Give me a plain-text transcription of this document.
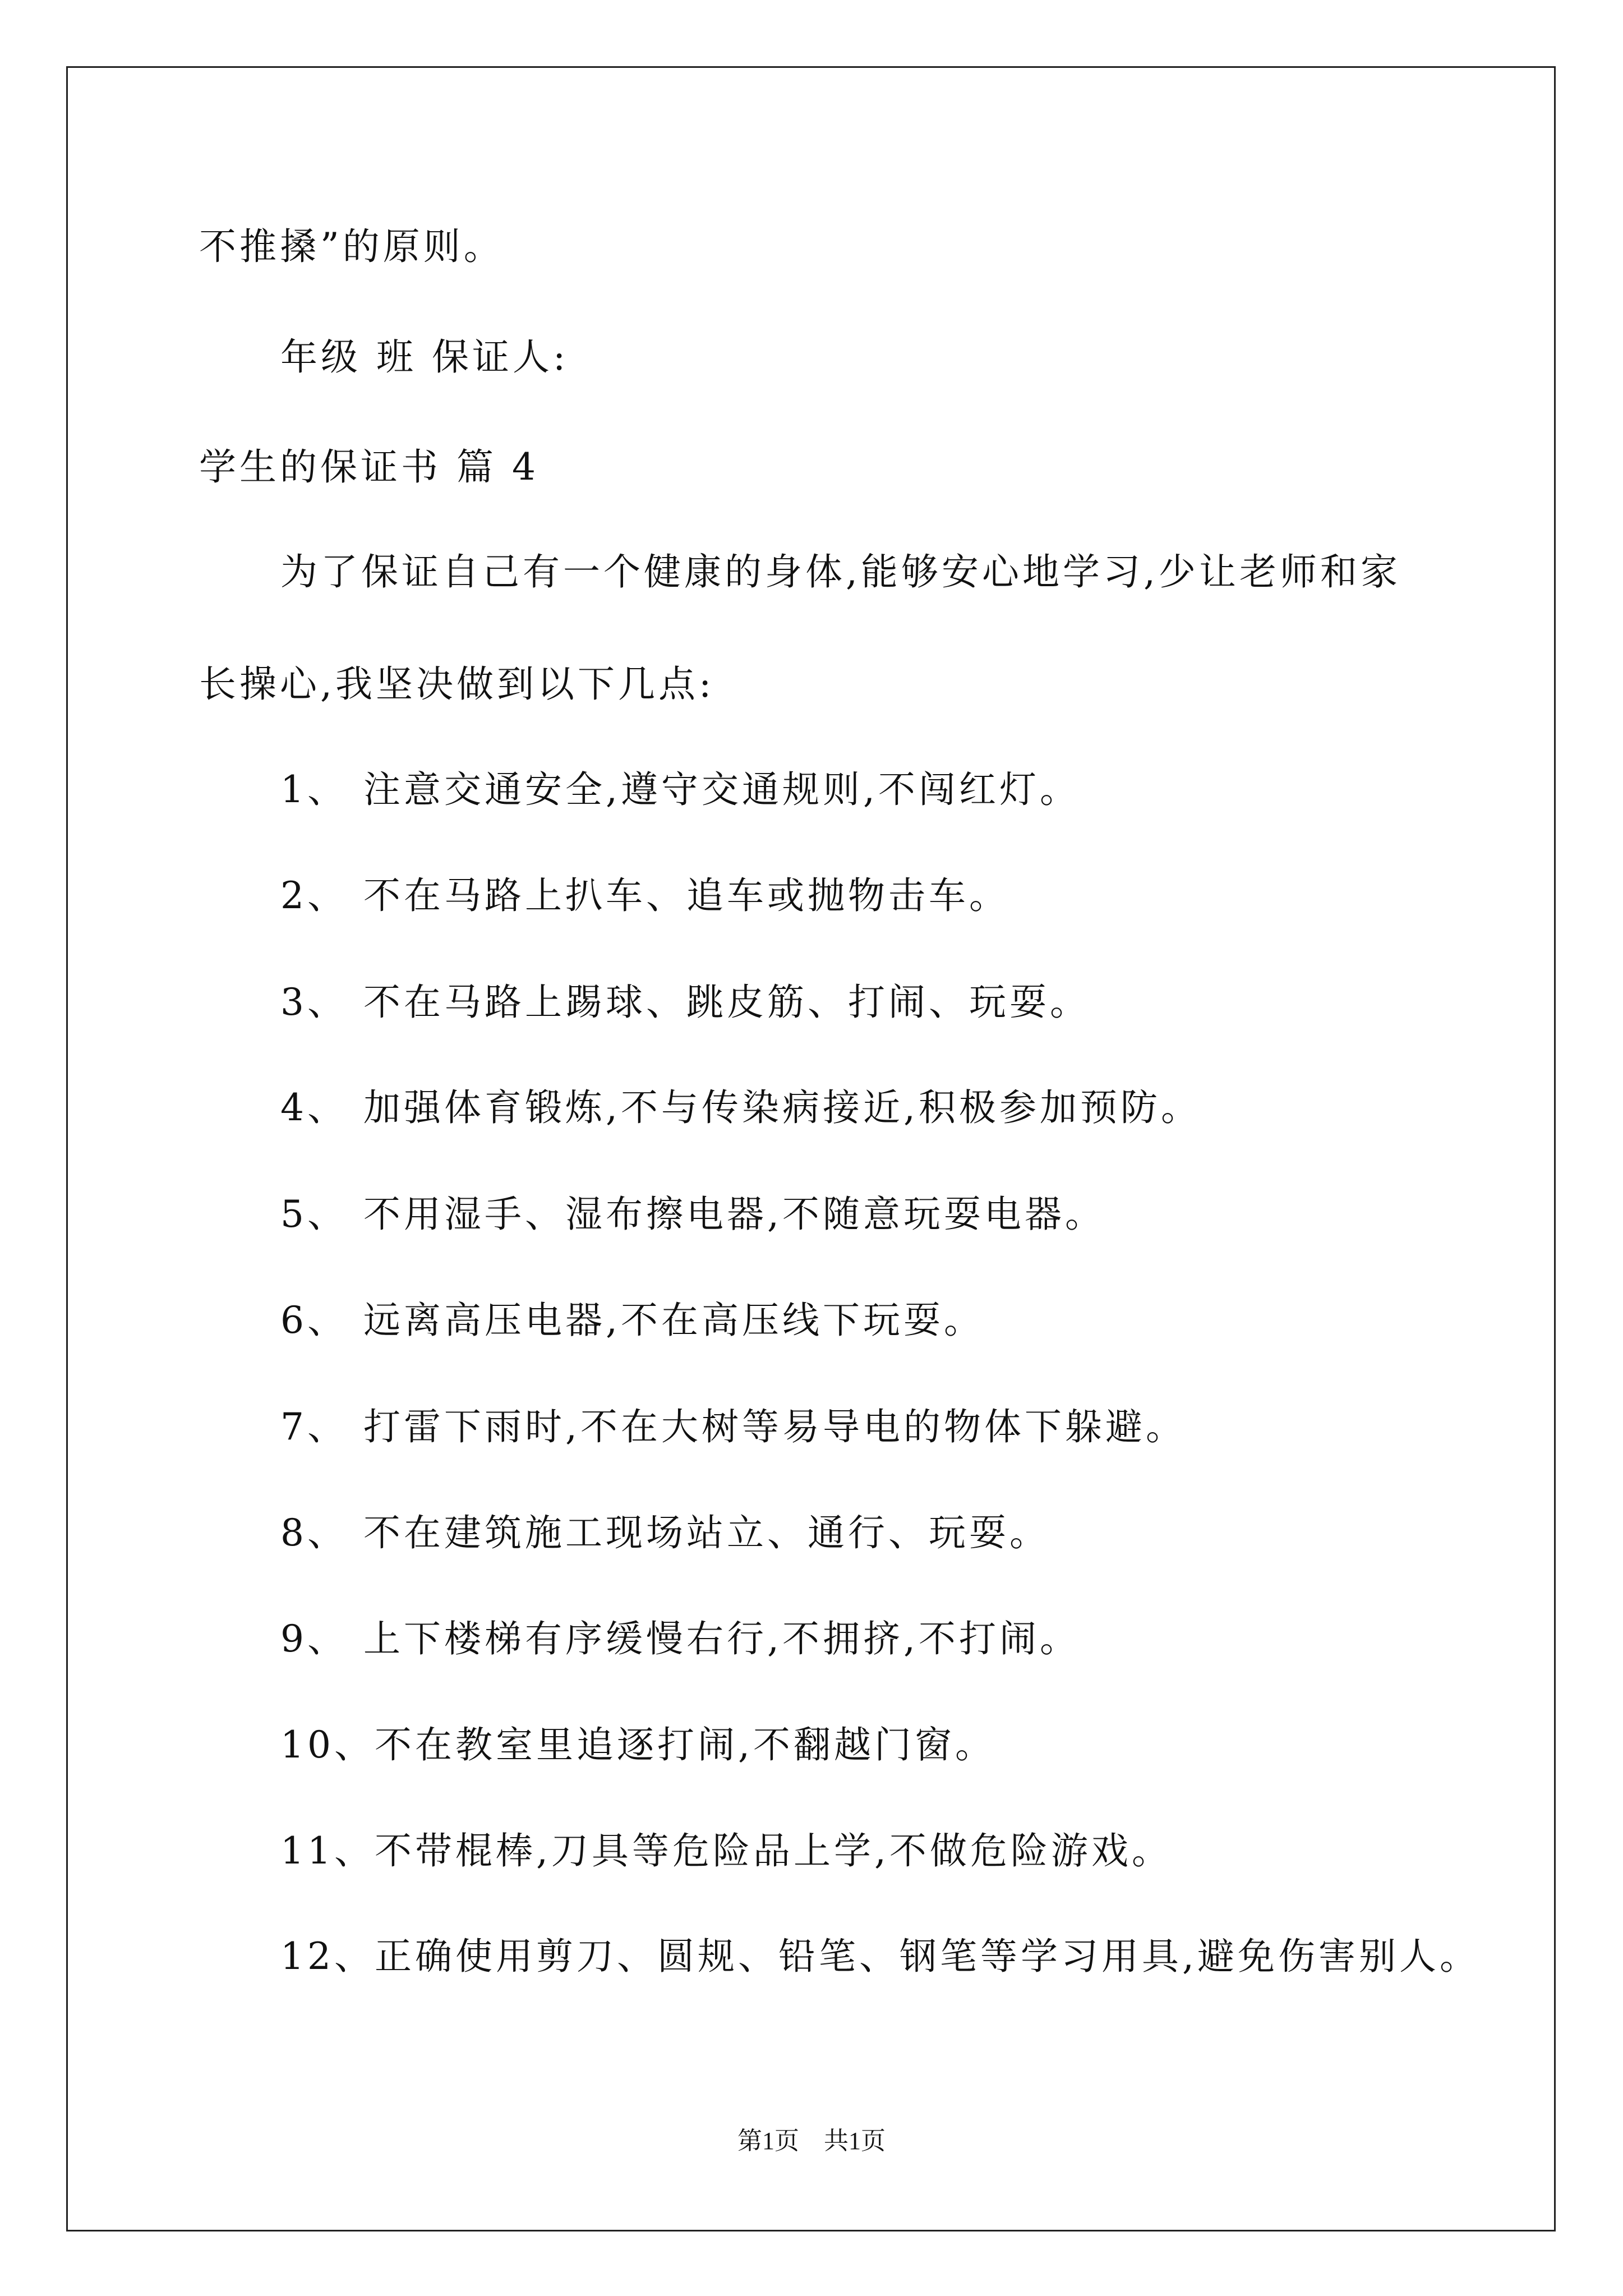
不推搡”的原则。
年级 班 保证人:
学生的保证书 篇 4
为了保证自己有一个健康的身体,能够安心地学习,少让老师和家
长操心,我坚决做到以下几点:
1、 注意交通安全,遵守交通规则,不闯红灯。
2、 不在马路上扒车、追车或抛物击车。
3、 不在马路上踢球、跳皮筋、打闹、玩耍。
4、 加强体育锻炼,不与传染病接近,积极参加预防。
5、 不用湿手、湿布擦电器,不随意玩耍电器。
6、 远离高压电器,不在高压线下玩耍。
7、 打雷下雨时,不在大树等易导电的物体下躲避。
8、 不在建筑施工现场站立、通行、玩耍。
9、 上下楼梯有序缓慢右行,不拥挤,不打闹。
10、 不在教室里追逐打闹,不翻越门窗。
11、 不带棍棒,刀具等危险品上学,不做危险游戏。
12、 正确使用剪刀、圆规、铅笔、钢笔等学习用具,避免伤害别人。
第1页　共1页
